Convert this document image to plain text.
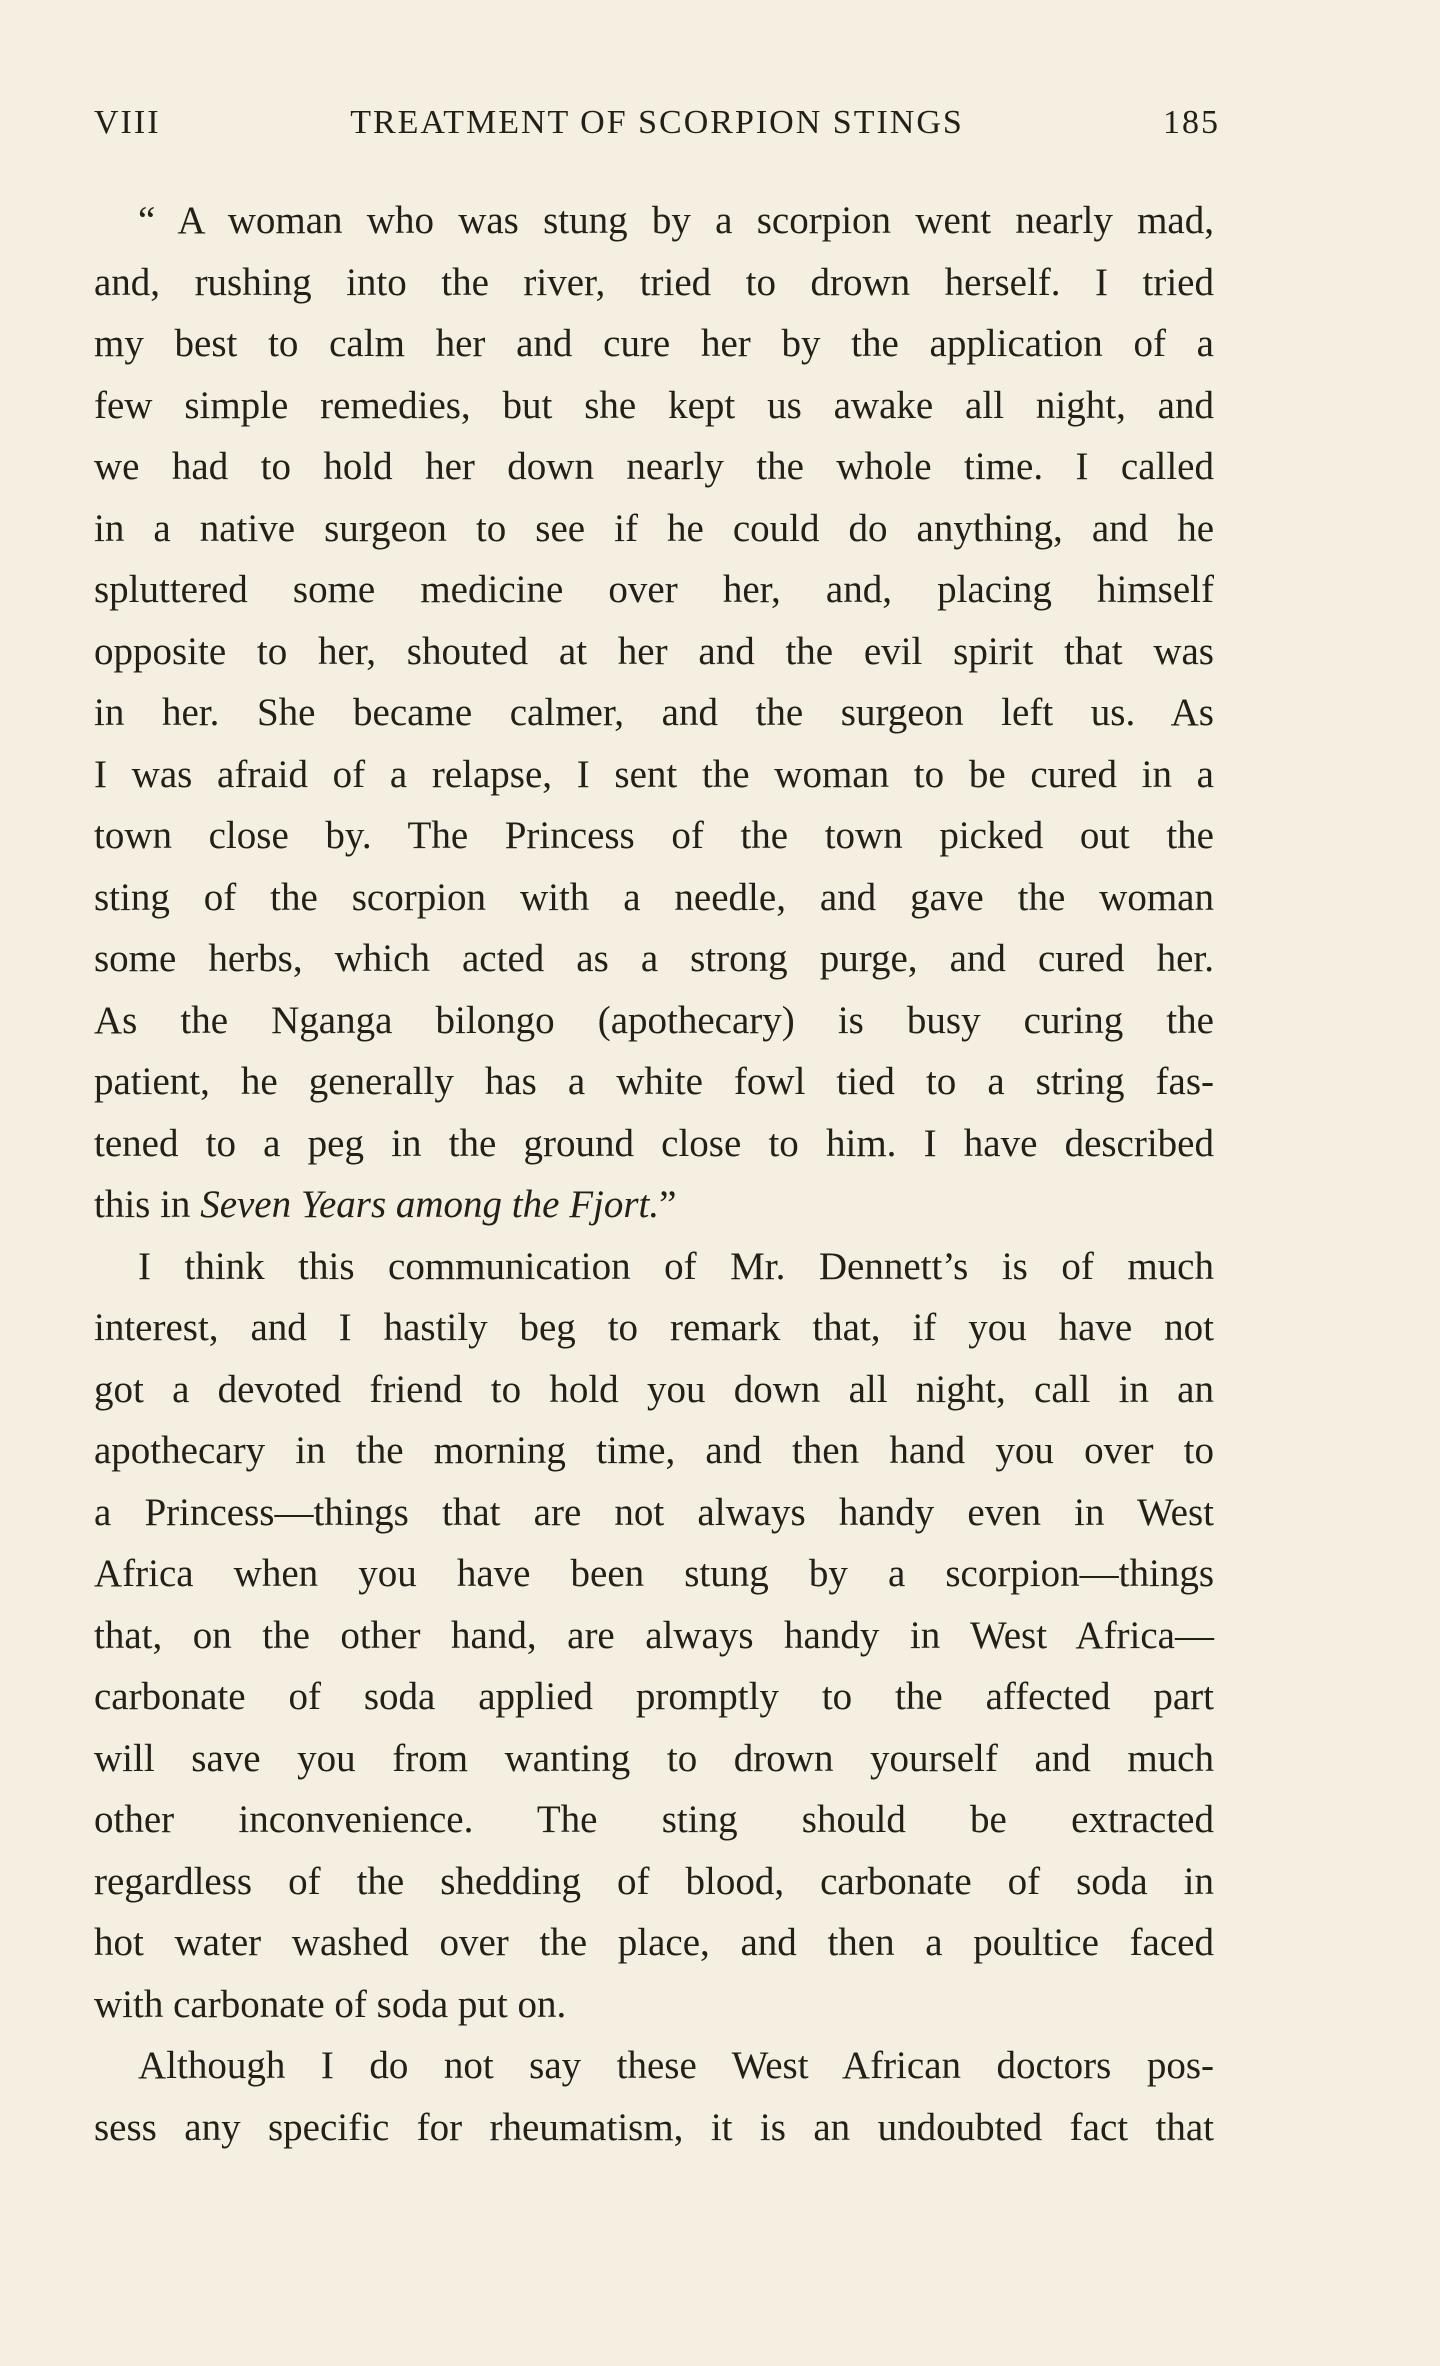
VIII	TREATMENT OF SCORPION STINGS	185
“ A woman who was stung by a scorpion went nearly mad,
and, rushing into the river, tried to drown herself. I tried
my best to calm her and cure her by the application of a
few simple remedies, but she kept us awake all night, and
we had to hold her down nearly the whole time. I called
in a native surgeon to see if he could do anything, and he
spluttered some medicine over her, and, placing himself
opposite to her, shouted at her and the evil spirit that was
in her. She became calmer, and the surgeon left us. As
I was afraid of a relapse, I sent the woman to be cured in a
town close by. The Princess of the town picked out the
sting of the scorpion with a needle, and gave the woman
some herbs, which acted as a strong purge, and cured her.
As the Nganga bilongo (apothecary) is busy curing the
patient, he generally has a white fowl tied to a string fas-
tened to a peg in the ground close to him. I have described
this in Seven Years among the Fjort.”
I think this communication of Mr. Dennett’s is of much
interest, and I hastily beg to remark that, if you have not
got a devoted friend to hold you down all night, call in an
apothecary in the morning time, and then hand you over to
a Princess—things that are not always handy even in West
Africa when you have been stung by a scorpion—things
that, on the other hand, are always handy in West Africa—
carbonate of soda applied promptly to the affected part
will save you from wanting to drown yourself and much
other inconvenience. The sting should be extracted
regardless of the shedding of blood, carbonate of soda in
hot water washed over the place, and then a poultice faced
with carbonate of soda put on.
Although I do not say these West African doctors pos-
sess any specific for rheumatism, it is an undoubted fact that
